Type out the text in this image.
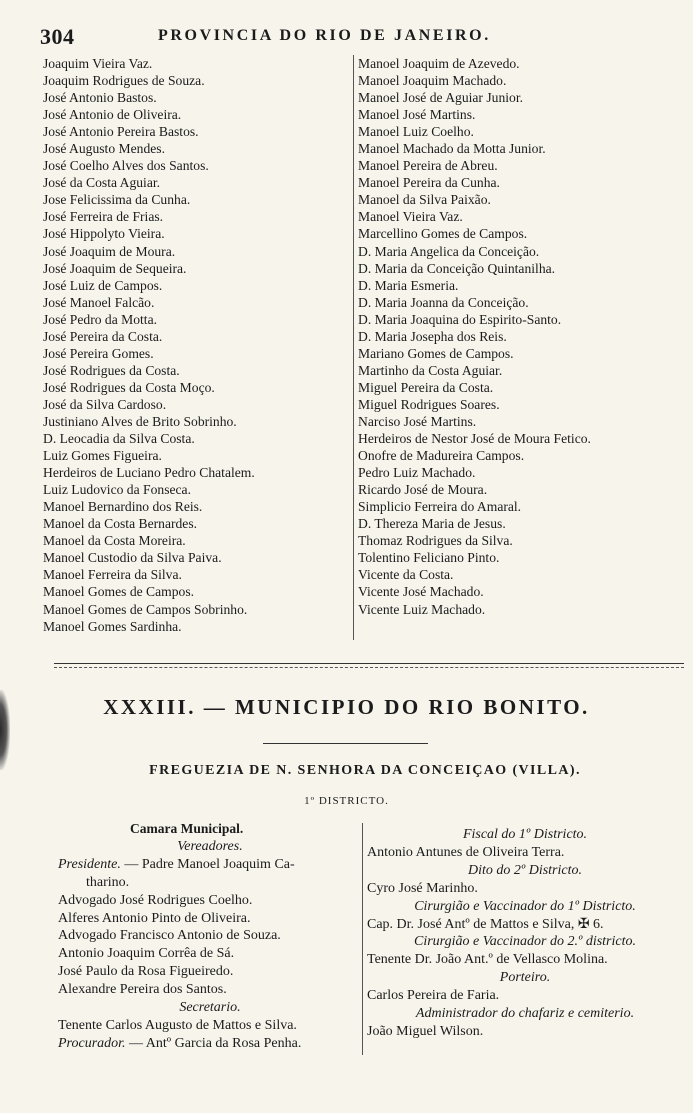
304	PROVINCIA DO RIO DE JANEIRO.
Joaquim Vieira Vaz.
Joaquim Rodrigues de Souza.
José Antonio Bastos.
José Antonio de Oliveira.
José Antonio Pereira Bastos.
José Augusto Mendes.
José Coelho Alves dos Santos.
José da Costa Aguiar.
Jose Felicissima da Cunha.
José Ferreira de Frias.
José Hippolyto Vieira.
José Joaquim de Moura.
José Joaquim de Sequeira.
José Luiz de Campos.
José Manoel Falcão.
José Pedro da Motta.
José Pereira da Costa.
José Pereira Gomes.
José Rodrigues da Costa.
José Rodrigues da Costa Moço.
José da Silva Cardoso.
Justiniano Alves de Brito Sobrinho.
D. Leocadia da Silva Costa.
Luiz Gomes Figueira.
Herdeiros de Luciano Pedro Chatalem.
Luiz Ludovico da Fonseca.
Manoel Bernardino dos Reis.
Manoel da Costa Bernardes.
Manoel da Costa Moreira.
Manoel Custodio da Silva Paiva.
Manoel Ferreira da Silva.
Manoel Gomes de Campos.
Manoel Gomes de Campos Sobrinho.
Manoel Gomes Sardinha.
Manoel Joaquim de Azevedo.
Manoel Joaquim Machado.
Manoel José de Aguiar Junior.
Manoel José Martins.
Manoel Luiz Coelho.
Manoel Machado da Motta Junior.
Manoel Pereira de Abreu.
Manoel Pereira da Cunha.
Manoel da Silva Paixão.
Manoel Vieira Vaz.
Marcellino Gomes de Campos.
D. Maria Angelica da Conceição.
D. Maria da Conceição Quintanilha.
D. Maria Esmeria.
D. Maria Joanna da Conceição.
D. Maria Joaquina do Espirito-Santo.
D. Maria Josepha dos Reis.
Mariano Gomes de Campos.
Martinho da Costa Aguiar.
Miguel Pereira da Costa.
Miguel Rodrigues Soares.
Narciso José Martins.
Herdeiros de Nestor José de Moura Fetico.
Onofre de Madureira Campos.
Pedro Luiz Machado.
Ricardo José de Moura.
Simplicio Ferreira do Amaral.
D. Thereza Maria de Jesus.
Thomaz Rodrigues da Silva.
Tolentino Feliciano Pinto.
Vicente da Costa.
Vicente José Machado.
Vicente Luiz Machado.
XXXIII. — MUNICIPIO DO RIO BONITO.
FREGUEZIA DE N. SENHORA DA CONCEIÇAO (VILLA).
1º DISTRICTO.
Camara Municipal.
Vereadores.
Presidente. — Padre Manoel Joaquim Ca-
tharino.
Advogado José Rodrigues Coelho.
Alferes Antonio Pinto de Oliveira.
Advogado Francisco Antonio de Souza.
Antonio Joaquim Corrêa de Sá.
José Paulo da Rosa Figueiredo.
Alexandre Pereira dos Santos.
Secretario.
Tenente Carlos Augusto de Mattos e Silva.
Procurador. — Antº Garcia da Rosa Penha.
Fiscal do 1º Districto.
Antonio Antunes de Oliveira Terra.
Dito do 2º Districto.
Cyro José Marinho.
Cirurgião e Vaccinador do 1º Districto.
Cap. Dr. José Antº de Mattos e Silva, ✠ 6.
Cirurgião e Vaccinador do 2.º districto.
Tenente Dr. João Ant.º de Vellasco Molina.
Porteiro.
Carlos Pereira de Faria.
Administrador do chafariz e cemiterio.
João Miguel Wilson.
